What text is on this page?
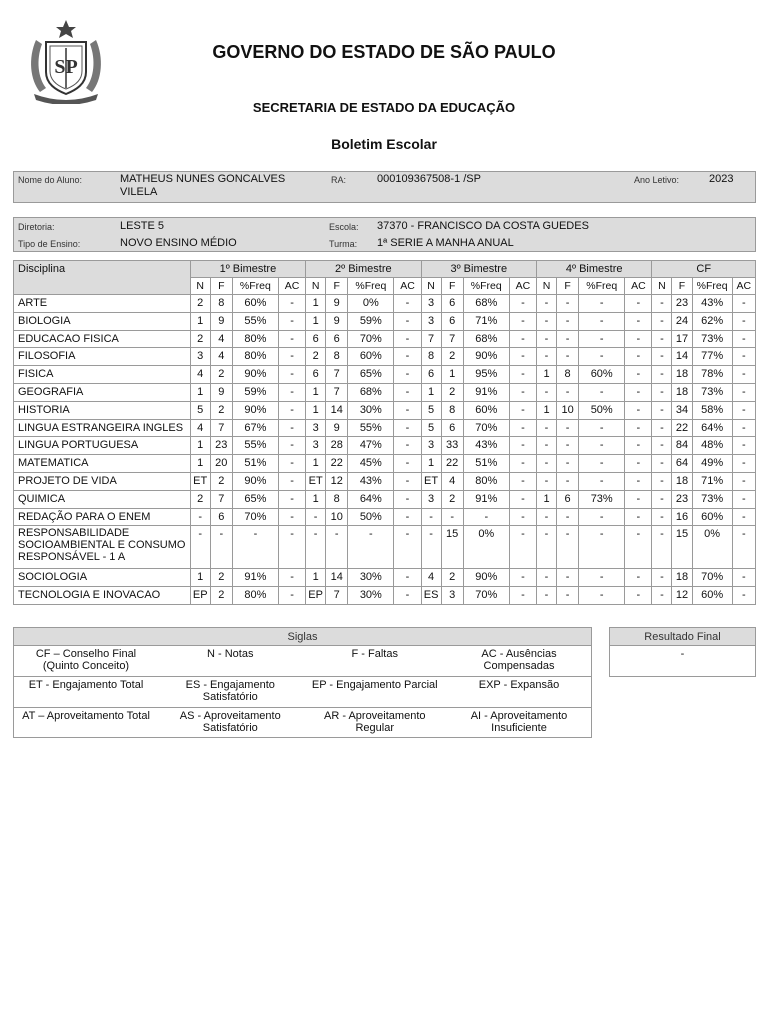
SP
GOVERNO DO ESTADO DE SÃO PAULO
SECRETARIA DE ESTADO DA EDUCAÇÃO
Boletim Escolar
Nome do Aluno:	MATHEUS NUNES GONCALVES
VILELA
RA:	000109367508-1 /SP	Ano Letivo:	2023
Diretoria:	LESTE 5	Escola: 37370 - FRANCISCO DA COSTA GUEDES
Tipo de Ensino:	NOVO ENSINO MÉDIO	Turma: 1ª SERIE A MANHA ANUAL
Disciplina	1º Bimestre				2º Bimestre				3º Bimestre				4º Bimestre				CF			
	N	F	%Freq	AC	N	F	%Freq	AC	N	F	%Freq	AC	N	F	%Freq	AC	N	F	%Freq	AC
ARTE	2	8	60%	-	1	9	0%	-	3	6	68%	-	-	-	-	-	-	23	43%	-
BIOLOGIA	1	9	55%	-	1	9	59%	-	3	6	71%	-	-	-	-	-	-	24	62%	-
EDUCACAO FISICA	2	4	80%	-	6	6	70%	-	7	7	68%	-	-	-	-	-	-	17	73%	-
FILOSOFIA	3	4	80%	-	2	8	60%	-	8	2	90%	-	-	-	-	-	-	14	77%	-
FISICA	4	2	90%	-	6	7	65%	-	6	1	95%	-	1	8	60%	-	-	18	78%	-
GEOGRAFIA	1	9	59%	-	1	7	68%	-	1	2	91%	-	-	-	-	-	-	18	73%	-
HISTORIA	5	2	90%	-	1	14	30%	-	5	8	60%	-	1	10	50%	-	-	34	58%	-
LINGUA ESTRANGEIRA INGLES	4	7	67%	-	3	9	55%	-	5	6	70%	-	-	-	-	-	-	22	64%	-
LINGUA PORTUGUESA	1	23	55%	-	3	28	47%	-	3	33	43%	-	-	-	-	-	-	84	48%	-
MATEMATICA	1	20	51%	-	1	22	45%	-	1	22	51%	-	-	-	-	-	-	64	49%	-
PROJETO DE VIDA	ET	2	90%	-	ET	12	43%	-	ET	4	80%	-	-	-	-	-	-	18	71%	-
QUIMICA	2	7	65%	-	1	8	64%	-	3	2	91%	-	1	6	73%	-	-	23	73%	-
REDAÇÃO PARA O ENEM	-	6	70%	-	-	10	50%	-	-	-	-	-	-	-	-	-	-	16	60%	-
RESPONSABILIDADE SOCIOAMBIENTAL E CONSUMO RESPONSÁVEL - 1 A	-	-	-	-	-	-	-	-	-	15	0%	-	-	-	-	-	-	15	0%	-
SOCIOLOGIA	1	2	91%	-	1	14	30%	-	4	2	90%	-	-	-	-	-	-	18	70%	-
TECNOLOGIA E INOVACAO	EP	2	80%	-	EP	7	30%	-	ES	3	70%	-	-	-	-	-	-	12	60%	-
Siglas			
CF – Conselho Final (Quinto Conceito)	N - Notas	F - Faltas	AC - Ausências Compensadas
ET - Engajamento Total	ES - Engajamento Satisfatório	EP - Engajamento Parcial	EXP - Expansão
AT – Aproveitamento Total	AS - Aproveitamento Satisfatório	AR - Aproveitamento Regular	AI - Aproveitamento Insuficiente
Resultado Final
-
